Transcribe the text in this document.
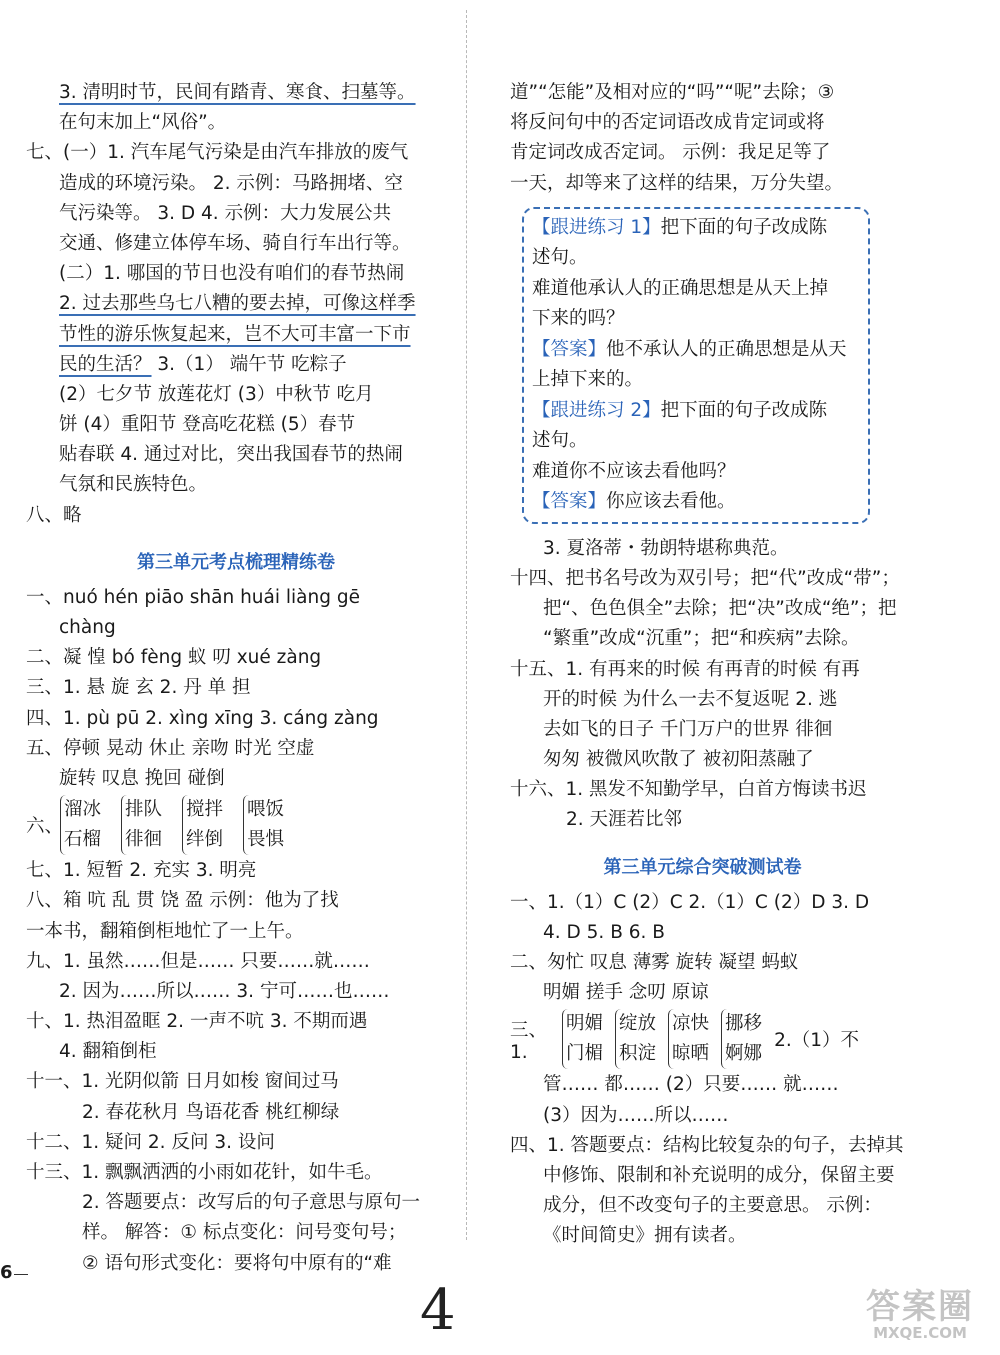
3. 清明时节，民间有踏青、寒食、扫墓等。
在句末加上“风俗”。
七、(一）1. 汽车尾气污染是由汽车排放的废气
造成的环境污染。 2. 示例：马路拥堵、空
气污染等。 3. D 4. 示例：大力发展公共
交通、修建立体停车场、骑自行车出行等。
(二）1. 哪国的节日也没有咱们的春节热闹
2. 过去那些乌七八糟的要去掉，可像这样季
节性的游乐恢复起来，岂不大可丰富一下市
民的生活？ 3.（1） 端午节 吃粽子
(2）七夕节 放莲花灯 (3）中秋节 吃月
饼 (4）重阳节 登高吃花糕 (5）春节
贴春联 4. 通过对比，突出我国春节的热闹
气氛和民族特色。
八、略
第三单元考点梳理精练卷
一、nuó hén piāo shān huái liàng gē
chàng
二、凝 惶 bó fèng 蚁 叨 xué zàng
三、1. 悬 旋 玄 2. 丹 单 担
四、1. pù pū 2. xìng xīng 3. cáng zàng
五、停顿 晃动 休止 亲吻 时光 空虚
旋转 叹息 挽回 碰倒
六、
溜冰
石榴
排队
徘徊
搅拌
绊倒
喂饭
畏惧
七、1. 短暂 2. 充实 3. 明亮
八、箱 吭 乱 贯 饶 盈 示例：他为了找
一本书，翻箱倒柜地忙了一上午。
九、1. 虽然……但是…… 只要……就……
2. 因为……所以…… 3. 宁可……也……
十、1. 热泪盈眶 2. 一声不吭 3. 不期而遇
4. 翻箱倒柜
十一、1. 光阴似箭 日月如梭 窗间过马
2. 春花秋月 鸟语花香 桃红柳绿
十二、1. 疑问 2. 反问 3. 设问
十三、1. 飘飘洒洒的小雨如花针，如牛毛。
2. 答题要点：改写后的句子意思与原句一
样。 解答：① 标点变化：问号变句号；
② 语句形式变化：要将句中原有的“难
道”“怎能”及相对应的“吗”“呢”去除；③
将反问句中的否定词语改成肯定词或将
肯定词改成否定词。 示例：我足足等了
一天，却等来了这样的结果，万分失望。
【跟进练习 1】把下面的句子改成陈
述句。
难道他承认人的正确思想是从天上掉
下来的吗？
【答案】他不承认人的正确思想是从天
上掉下来的。
【跟进练习 2】把下面的句子改成陈
述句。
难道你不应该去看他吗？
【答案】你应该去看他。
3. 夏洛蒂・勃朗特堪称典范。
十四、把书名号改为双引号；把“代”改成“带”；
把“、色色俱全”去除；把“决”改成“绝”；把
“繁重”改成“沉重”；把“和疾病”去除。
十五、1. 有再来的时候 有再青的时候 有再
开的时候 为什么一去不复返呢 2. 逃
去如飞的日子 千门万户的世界 徘徊
匆匆 被微风吹散了 被初阳蒸融了
十六、1. 黑发不知勤学早，白首方悔读书迟
2. 天涯若比邻
第三单元综合突破测试卷
一、1.（1）C (2）C 2.（1）C (2）D 3. D
4. D 5. B 6. B
二、匆忙 叹息 薄雾 旋转 凝望 蚂蚁
明媚 搓手 念叨 原谅
三、1.
明媚
门楣
绽放
积淀
凉快
晾晒
挪移
婀娜
2.（1）不
管…… 都…… (2）只要…… 就……
(3）因为……所以……
四、1. 答题要点：结构比较复杂的句子，去掉其
中修饰、限制和补充说明的成分，保留主要
成分，但不改变句子的主要意思。 示例：
《时间简史》拥有读者。
6
4	答案圈
MXQE.COM
